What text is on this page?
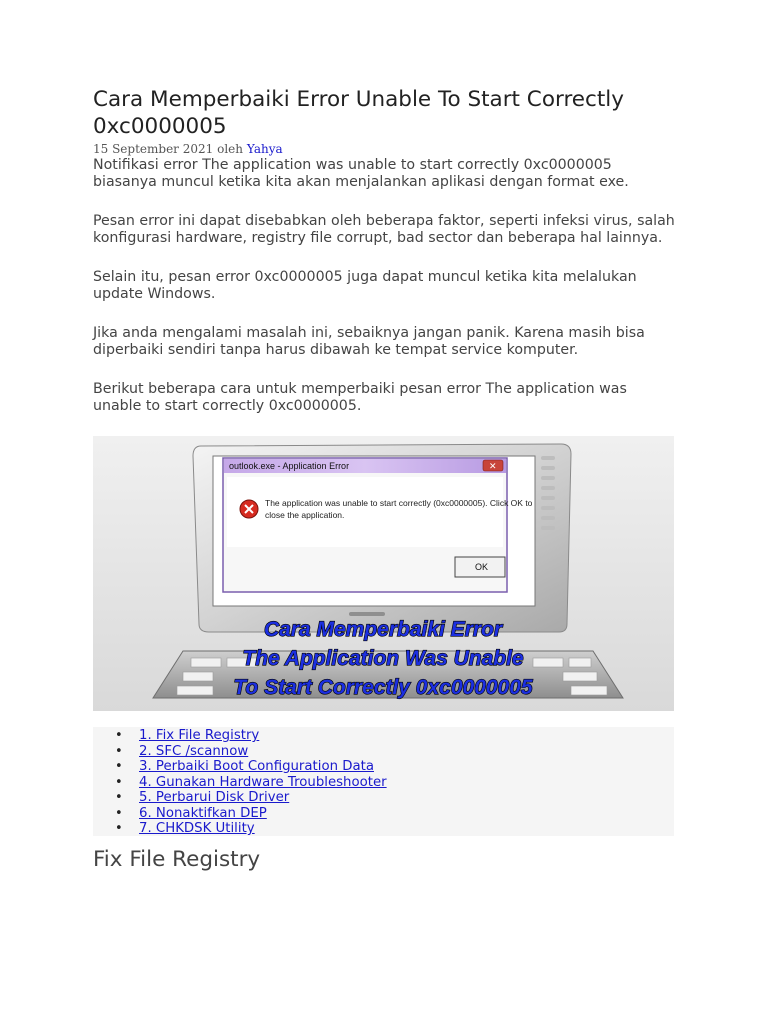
Cara Memperbaiki Error Unable To Start Correctly 0xc0000005
15 September 2021 oleh Yahya

Notifikasi error The application was unable to start correctly 0xc0000005 biasanya muncul ketika kita akan menjalankan aplikasi dengan format exe.

Pesan error ini dapat disebabkan oleh beberapa faktor, seperti infeksi virus, salah konfigurasi hardware, registry file corrupt, bad sector dan beberapa hal lainnya.

Selain itu, pesan error 0xc0000005 juga dapat muncul ketika kita melalukan update Windows.

Jika anda mengalami masalah ini, sebaiknya jangan panik. Karena masih bisa diperbaiki sendiri tanpa harus dibawah ke tempat service komputer.

Berikut beberapa cara untuk memperbaiki pesan error The application was unable to start correctly 0xc0000005.

outlook.exe - Application Error	✕
The application was unable to start correctly (0xc0000005). Click OK to
close the application.
OK
Cara Memperbaiki Error
The Application Was Unable
To Start Correctly 0xc0000005
• 1. Fix File Registry
• 2. SFC /scannow
• 3. Perbaiki Boot Configuration Data
• 4. Gunakan Hardware Troubleshooter
• 5. Perbarui Disk Driver
• 6. Nonaktifkan DEP
• 7. CHKDSK Utility
Fix File Registry
